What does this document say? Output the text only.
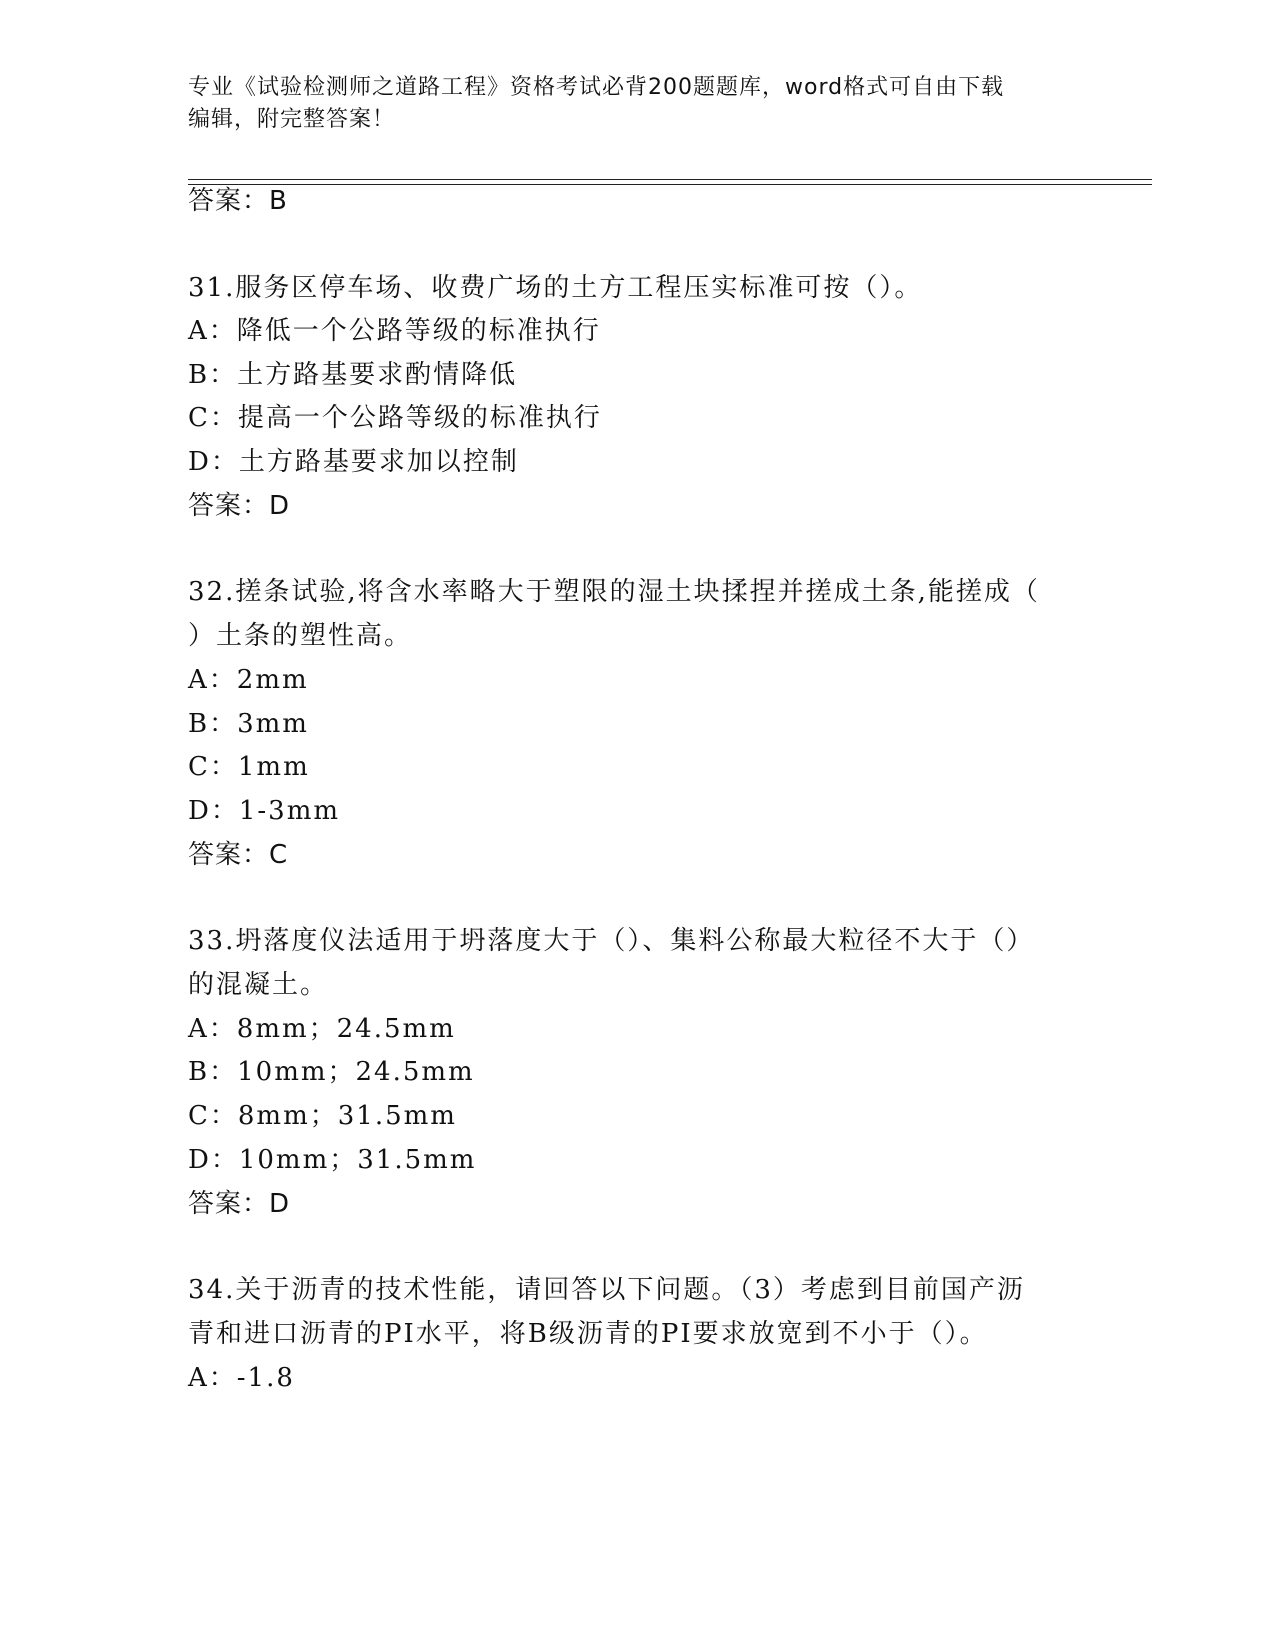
专业《试验检测师之道路工程》资格考试必背200题题库，word格式可自由下载
编辑，附完整答案！
答案：B
31.服务区停车场、收费广场的土方工程压实标准可按（）。
A：降低一个公路等级的标准执行
B：土方路基要求酌情降低
C：提高一个公路等级的标准执行
D：土方路基要求加以控制
答案：D
32.搓条试验,将含水率略大于塑限的湿土块揉捏并搓成土条,能搓成（
）土条的塑性高。
A：2mm
B：3mm
C：1mm
D：1-3mm
答案：C
33.坍落度仪法适用于坍落度大于（）、集料公称最大粒径不大于（）
的混凝土。
A：8mm；24.5mm
B：10mm；24.5mm
C：8mm；31.5mm
D：10mm；31.5mm
答案：D
34.关于沥青的技术性能，请回答以下问题。（3）考虑到目前国产沥
青和进口沥青的PI水平，将B级沥青的PI要求放宽到不小于（）。
A：-1.8
